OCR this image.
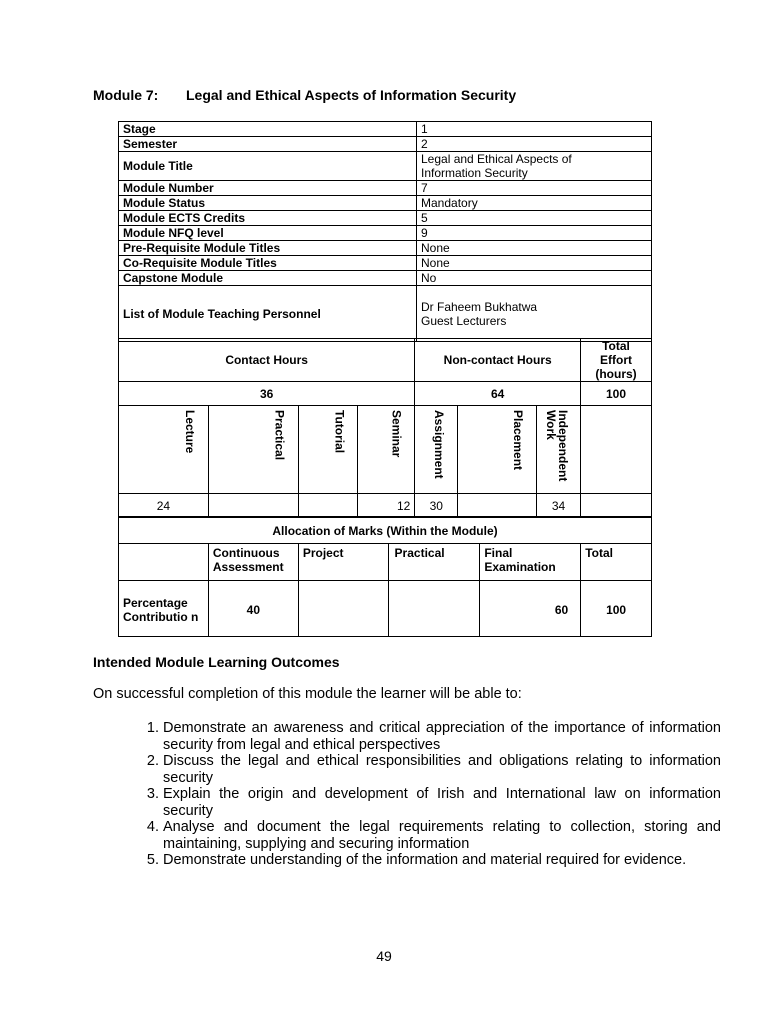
Module 7: Legal and Ethical Aspects of Information Security
Stage	1
Semester	2
Module Title	Legal and Ethical Aspects of Information Security
Module Number	7
Module Status	Mandatory
Module ECTS Credits	5
Module NFQ level	9
Pre-Requisite Module Titles	None
Co-Requisite Module Titles	None
Capstone Module	No
List of Module Teaching Personnel	Dr Faheem Bukhatwa
Guest Lecturers
Contact Hours				Non-contact Hours			Total Effort (hours)
36				64			100
Lecture	Practical	Tutorial	Seminar	Assignment	Placement	Independent Work	
24			12	30		34	
Allocation of Marks (Within the Module)					
	Continuous Assessment	Project	Practical	Final Examination	Total
Percentage Contributio n	40			60	100
Intended Module Learning Outcomes
On successful completion of this module the learner will be able to:
1. Demonstrate an awareness and critical appreciation of the importance of information security from legal and ethical perspectives
2. Discuss the legal and ethical responsibilities and obligations relating to information security
3. Explain the origin and development of Irish and International law on information security
4. Analyse and document the legal requirements relating to collection, storing and maintaining, supplying and securing information
5. Demonstrate understanding of the information and material required for evidence.
49
